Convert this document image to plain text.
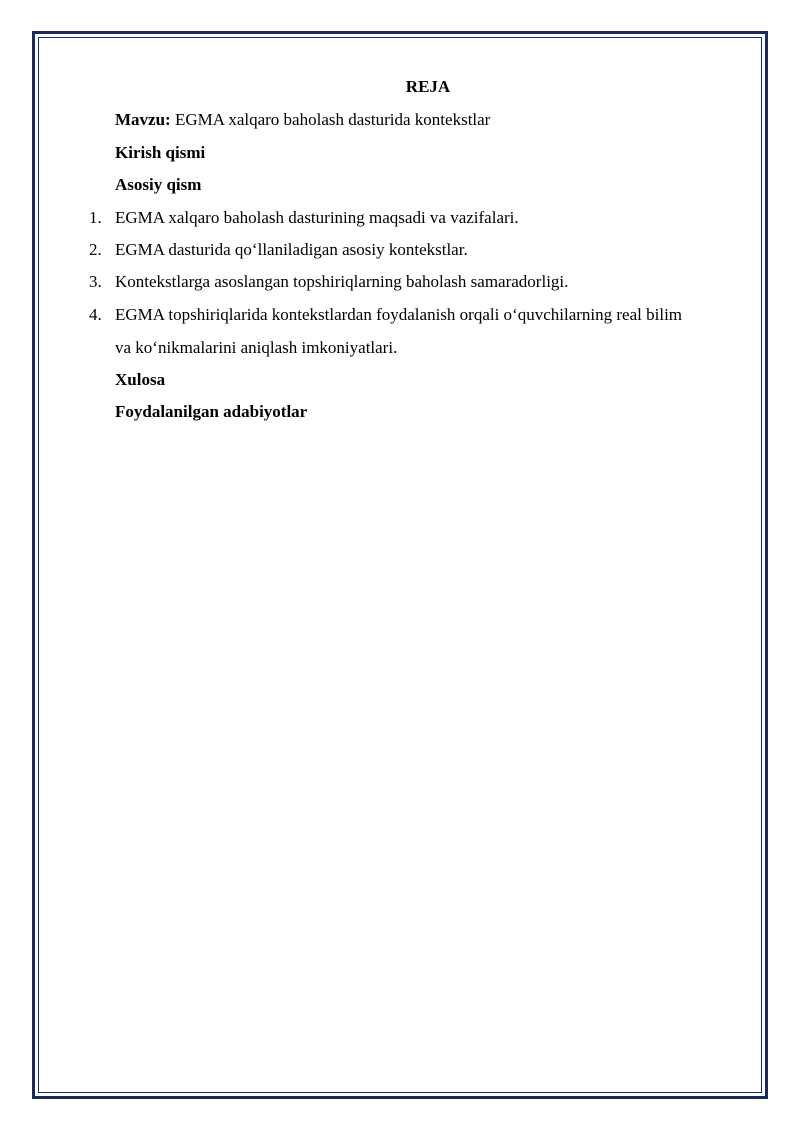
REJA
Mavzu: EGMA xalqaro baholash dasturida kontekstlar
Kirish qismi
Asosiy qism
1. EGMA xalqaro baholash dasturining maqsadi va vazifalari.
2. EGMA dasturida qo‘llaniladigan asosiy kontekstlar.
3. Kontekstlarga asoslangan topshiriqlarning baholash samaradorligi.
4. EGMA topshiriqlarida kontekstlardan foydalanish orqali o‘quvchilarning real bilim
va ko‘nikmalarini aniqlash imkoniyatlari.
Xulosa
Foydalanilgan adabiyotlar
